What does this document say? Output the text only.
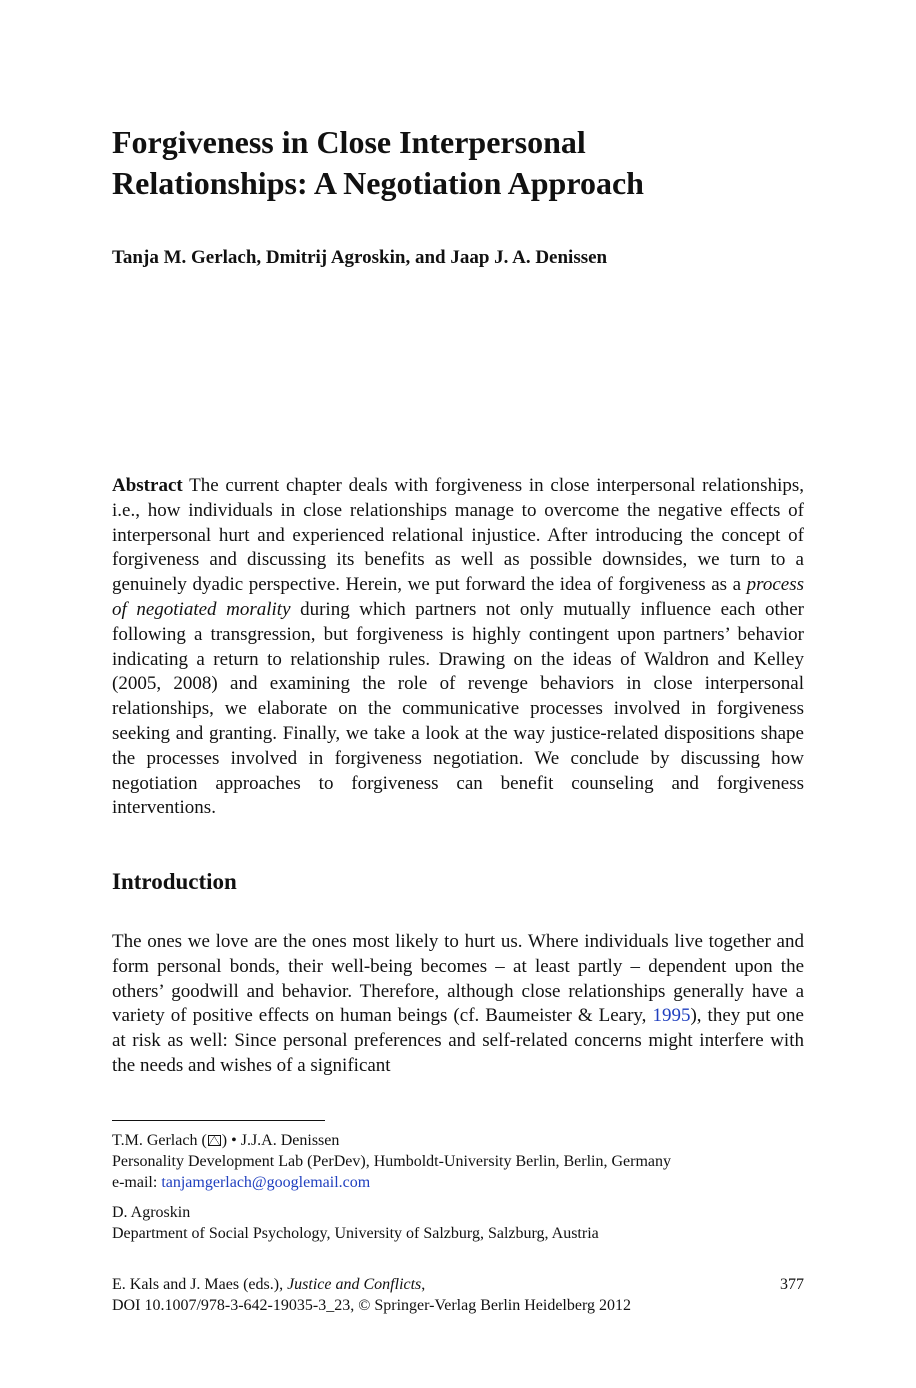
Forgiveness in Close Interpersonal
Relationships: A Negotiation Approach

Tanja M. Gerlach, Dmitrij Agroskin, and Jaap J. A. Denissen

Abstract The current chapter deals with forgiveness in close interpersonal relationships, i.e., how individuals in close relationships manage to overcome the negative effects of interpersonal hurt and experienced relational injustice. After introducing the concept of forgiveness and discussing its benefits as well as possible downsides, we turn to a genuinely dyadic perspective. Herein, we put forward the idea of forgiveness as a process of negotiated morality during which partners not only mutually influence each other following a transgression, but forgiveness is highly contingent upon partners’ behavior indicating a return to relationship rules. Drawing on the ideas of Waldron and Kelley (2005, 2008) and examining the role of revenge behaviors in close interpersonal relationships, we elaborate on the communicative processes involved in forgiveness seeking and granting. Finally, we take a look at the way justice-related dispositions shape the processes involved in forgiveness negotiation. We conclude by discussing how negotiation approaches to forgiveness can benefit counseling and forgiveness interventions.

Introduction

The ones we love are the ones most likely to hurt us. Where individuals live together and form personal bonds, their well-being becomes – at least partly – dependent upon the others’ goodwill and behavior. Therefore, although close relationships generally have a variety of positive effects on human beings (cf. Baumeister & Leary, 1995), they put one at risk as well: Since personal preferences and self-related concerns might interfere with the needs and wishes of a significant

T.M. Gerlach ( ) • J.J.A. Denissen
Personality Development Lab (PerDev), Humboldt-University Berlin, Berlin, Germany
e-mail: tanjamgerlach@googlemail.com
D. Agroskin
Department of Social Psychology, University of Salzburg, Salzburg, Austria
E. Kals and J. Maes (eds.), Justice and Conflicts,
DOI 10.1007/978-3-642-19035-3_23, © Springer-Verlag Berlin Heidelberg 2012
377
